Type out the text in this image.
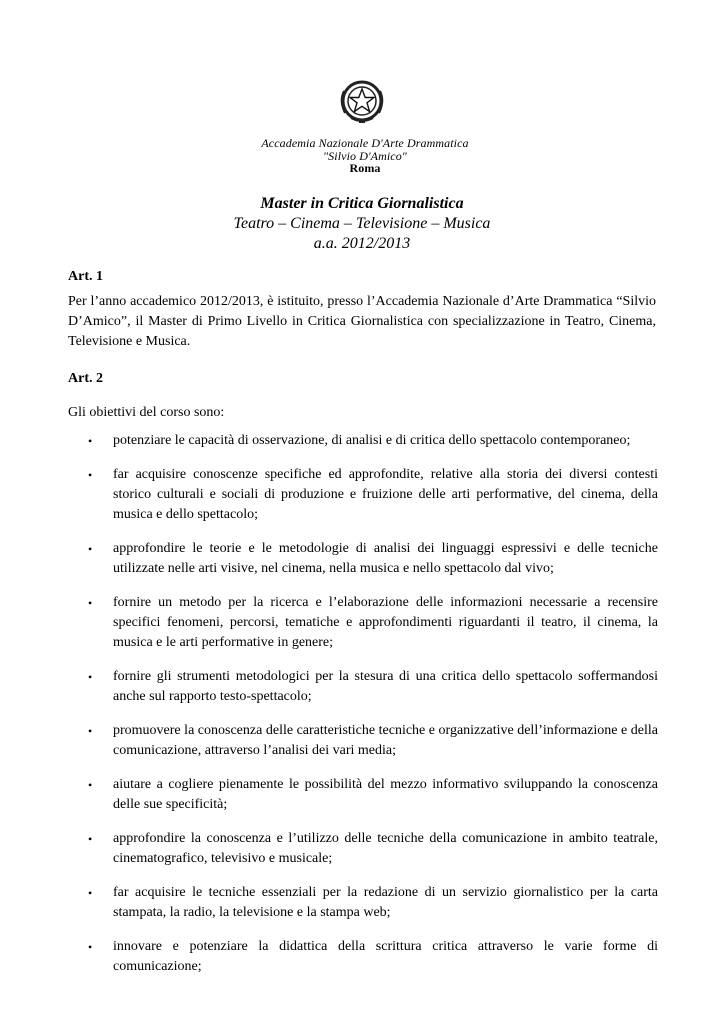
Accademia Nazionale D'Arte Drammatica
"Silvio D'Amico"
Roma
Master in Critica Giornalistica
Teatro – Cinema – Televisione – Musica
a.a. 2012/2013
Art. 1
Per l’anno accademico 2012/2013, è istituito, presso l’Accademia Nazionale d’Arte Drammatica “Silvio D’Amico”, il Master di Primo Livello in Critica Giornalistica con specializzazione in Teatro, Cinema, Televisione e Musica.
Art. 2
Gli obiettivi del corso sono:
• potenziare le capacità di osservazione, di analisi e di critica dello spettacolo contemporaneo;
• far acquisire conoscenze specifiche ed approfondite, relative alla storia dei diversi contesti storico culturali e sociali di produzione e fruizione delle arti performative, del cinema, della musica e dello spettacolo;
• approfondire le teorie e le metodologie di analisi dei linguaggi espressivi e delle tecniche utilizzate nelle arti visive, nel cinema, nella musica e nello spettacolo dal vivo;
• fornire un metodo per la ricerca e l’elaborazione delle informazioni necessarie a recensire specifici fenomeni, percorsi, tematiche e approfondimenti riguardanti il teatro, il cinema, la musica e le arti performative in genere;
• fornire gli strumenti metodologici per la stesura di una critica dello spettacolo soffermandosi anche sul rapporto testo-spettacolo;
• promuovere la conoscenza delle caratteristiche tecniche e organizzative dell’informazione e della comunicazione, attraverso l’analisi dei vari media;
• aiutare a cogliere pienamente le possibilità del mezzo informativo sviluppando la conoscenza delle sue specificità;
• approfondire la conoscenza e l’utilizzo delle tecniche della comunicazione in ambito teatrale, cinematografico, televisivo e musicale;
• far acquisire le tecniche essenziali per la redazione di un servizio giornalistico per la carta stampata, la radio, la televisione e la stampa web;
• innovare e potenziare la didattica della scrittura critica attraverso le varie forme di comunicazione;
